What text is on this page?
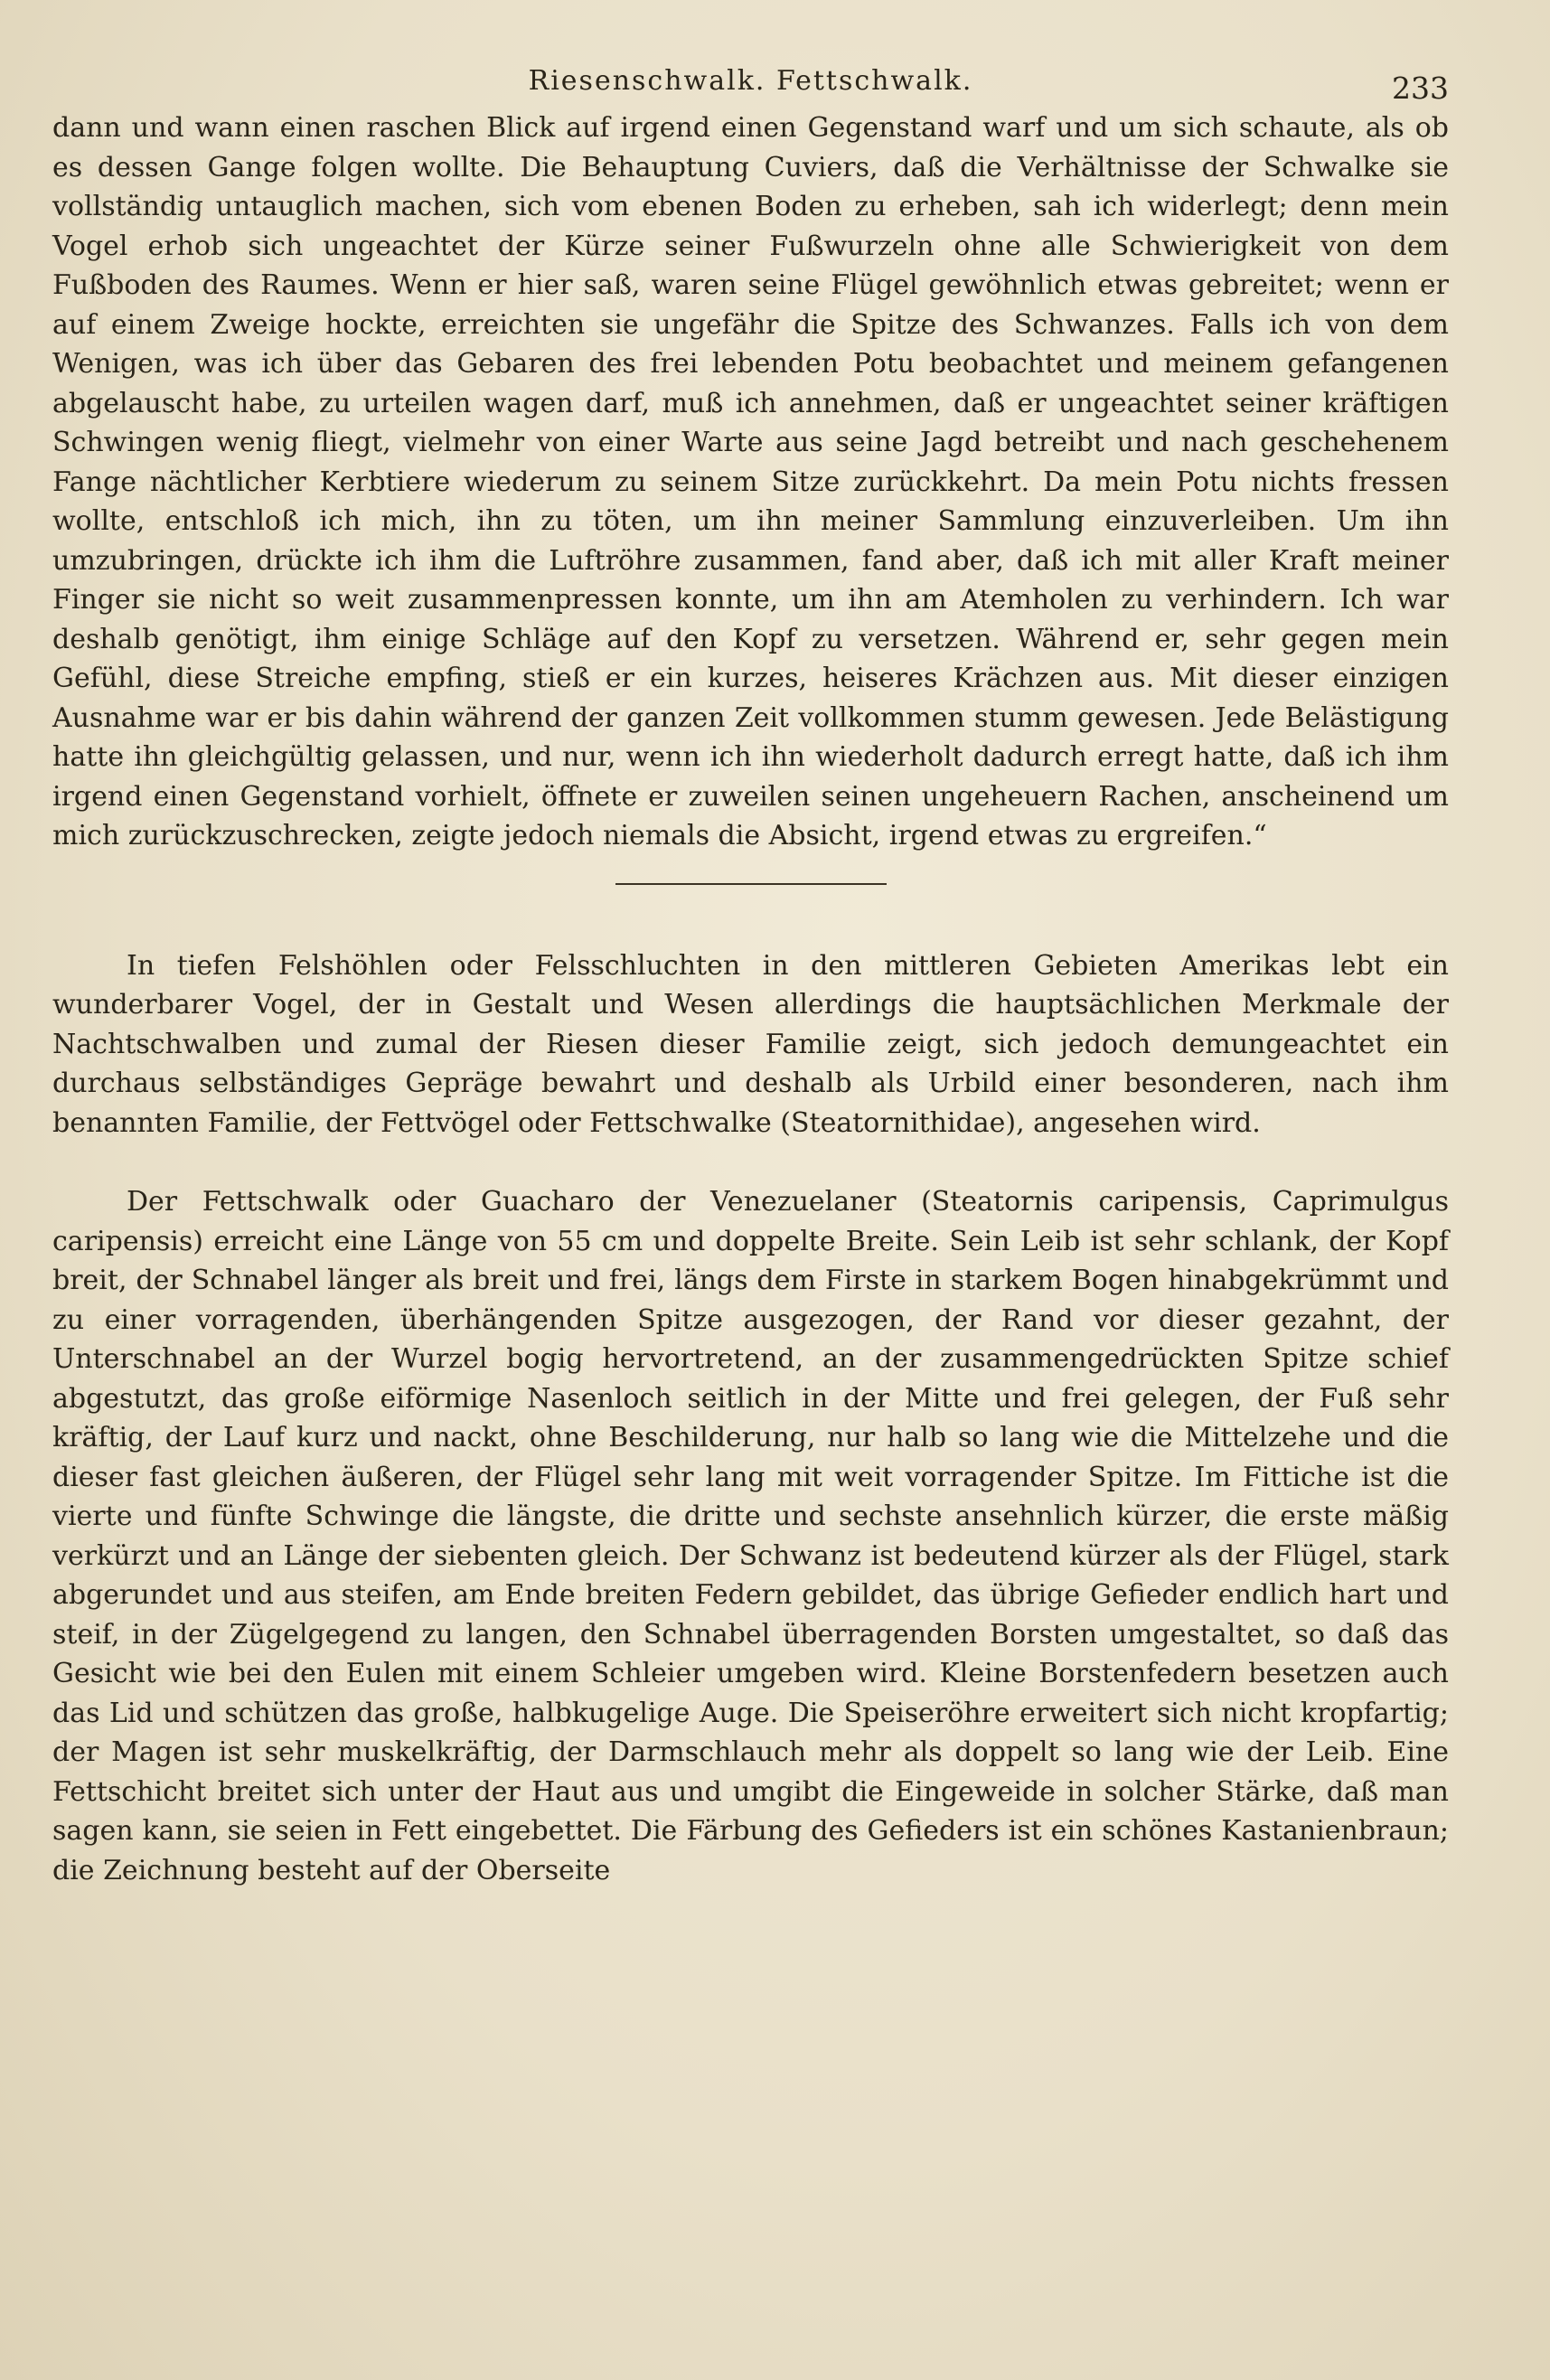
Riesenschwalk. Fettschwalk.	233

dann und wann einen raschen Blick auf irgend einen Gegenstand warf und um sich schaute, als ob es dessen Gange folgen wollte. Die Behauptung Cuviers, daß die Verhältnisse der Schwalke sie vollständig untauglich machen, sich vom ebenen Boden zu erheben, sah ich widerlegt; denn mein Vogel erhob sich ungeachtet der Kürze seiner Fußwurzeln ohne alle Schwierigkeit von dem Fußboden des Raumes. Wenn er hier saß, waren seine Flügel gewöhnlich etwas gebreitet; wenn er auf einem Zweige hockte, erreichten sie ungefähr die Spitze des Schwanzes. Falls ich von dem Wenigen, was ich über das Gebaren des frei lebenden Potu beobachtet und meinem gefangenen abgelauscht habe, zu urteilen wagen darf, muß ich annehmen, daß er ungeachtet seiner kräftigen Schwingen wenig fliegt, vielmehr von einer Warte aus seine Jagd betreibt und nach geschehenem Fange nächtlicher Kerbtiere wiederum zu seinem Sitze zurückkehrt. Da mein Potu nichts fressen wollte, entschloß ich mich, ihn zu töten, um ihn meiner Sammlung einzuverleiben. Um ihn umzubringen, drückte ich ihm die Luftröhre zusammen, fand aber, daß ich mit aller Kraft meiner Finger sie nicht so weit zusammenpressen konnte, um ihn am Atemholen zu verhindern. Ich war deshalb genötigt, ihm einige Schläge auf den Kopf zu versetzen. Während er, sehr gegen mein Gefühl, diese Streiche empfing, stieß er ein kurzes, heiseres Krächzen aus. Mit dieser einzigen Ausnahme war er bis dahin während der ganzen Zeit vollkommen stumm gewesen. Jede Belästigung hatte ihn gleichgültig gelassen, und nur, wenn ich ihn wiederholt dadurch erregt hatte, daß ich ihm irgend einen Gegenstand vorhielt, öffnete er zuweilen seinen ungeheuern Rachen, anscheinend um mich zurückzuschrecken, zeigte jedoch niemals die Absicht, irgend etwas zu ergreifen.“

In tiefen Felshöhlen oder Felsschluchten in den mittleren Gebieten Amerikas lebt ein wunderbarer Vogel, der in Gestalt und Wesen allerdings die hauptsächlichen Merkmale der Nachtschwalben und zumal der Riesen dieser Familie zeigt, sich jedoch demungeachtet ein durchaus selbständiges Gepräge bewahrt und deshalb als Urbild einer besonderen, nach ihm benannten Familie, der Fettvögel oder Fettschwalke (Steatornithidae), angesehen wird.

Der Fettschwalk oder Guacharo der Venezuelaner (Steatornis caripensis, Caprimulgus caripensis) erreicht eine Länge von 55 cm und doppelte Breite. Sein Leib ist sehr schlank, der Kopf breit, der Schnabel länger als breit und frei, längs dem Firste in starkem Bogen hinabgekrümmt und zu einer vorragenden, überhängenden Spitze ausgezogen, der Rand vor dieser gezahnt, der Unterschnabel an der Wurzel bogig hervortretend, an der zusammengedrückten Spitze schief abgestutzt, das große eiförmige Nasenloch seitlich in der Mitte und frei gelegen, der Fuß sehr kräftig, der Lauf kurz und nackt, ohne Beschilderung, nur halb so lang wie die Mittelzehe und die dieser fast gleichen äußeren, der Flügel sehr lang mit weit vorragender Spitze. Im Fittiche ist die vierte und fünfte Schwinge die längste, die dritte und sechste ansehnlich kürzer, die erste mäßig verkürzt und an Länge der siebenten gleich. Der Schwanz ist bedeutend kürzer als der Flügel, stark abgerundet und aus steifen, am Ende breiten Federn gebildet, das übrige Gefieder endlich hart und steif, in der Zügelgegend zu langen, den Schnabel überragenden Borsten umgestaltet, so daß das Gesicht wie bei den Eulen mit einem Schleier umgeben wird. Kleine Borstenfedern besetzen auch das Lid und schützen das große, halbkugelige Auge. Die Speiseröhre erweitert sich nicht kropfartig; der Magen ist sehr muskelkräftig, der Darmschlauch mehr als doppelt so lang wie der Leib. Eine Fettschicht breitet sich unter der Haut aus und umgibt die Eingeweide in solcher Stärke, daß man sagen kann, sie seien in Fett eingebettet. Die Färbung des Gefieders ist ein schönes Kastanienbraun; die Zeichnung besteht auf der Oberseite
